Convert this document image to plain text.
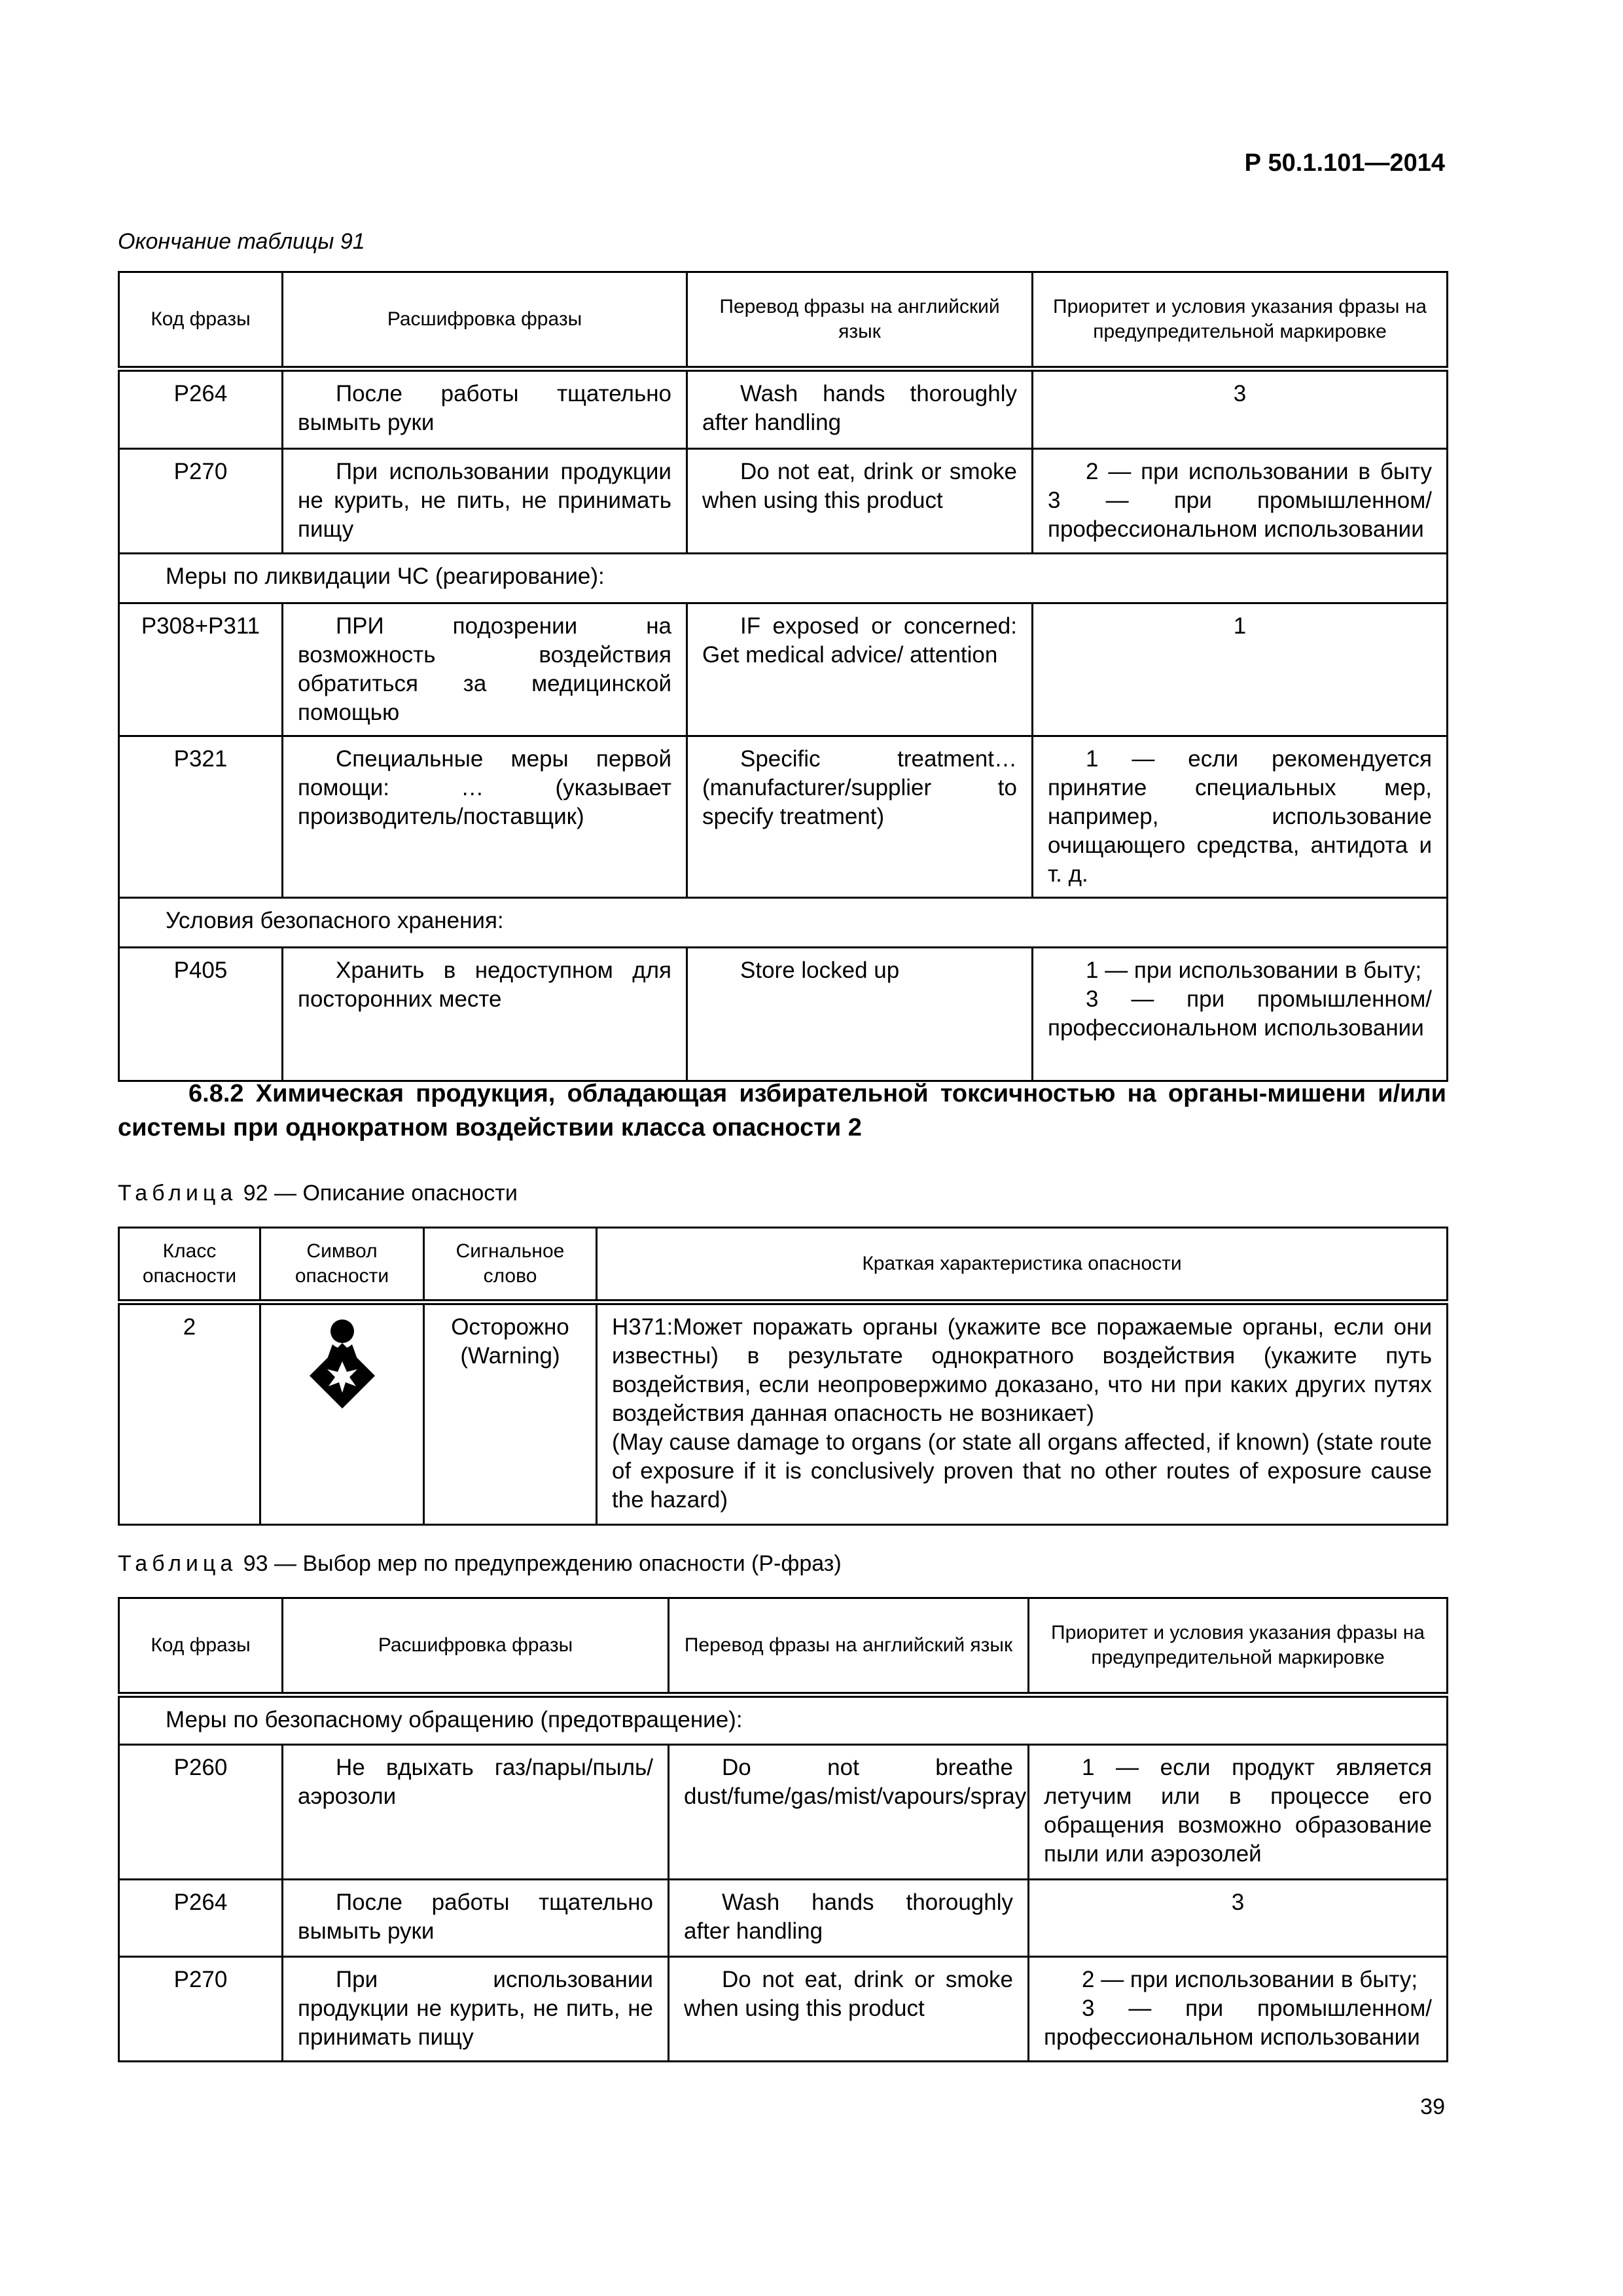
Р 50.1.101—2014
Окончание таблицы 91
Код фразы	Расшифровка фразы	Перевод фразы на английский язык	Приоритет и условия указания фразы на предупредительной маркировке
Р264	После работы тщательно вымыть руки	Wash hands thoroughly after handling	3
Р270	При использовании продукции не курить, не пить, не принимать пищу	Do not eat, drink or smoke when using this product	2 — при использовании в быту 3 — при промышленном/профессиональном использовании

Меры по ликвидации ЧС (реагирование):			
Р308+Р311	ПРИ подозрении на возможность воздействия обратиться за медицинской помощью	IF exposed or concerned: Get medical advice/ attention	1
Р321	Специальные меры первой помощи: … (указывает производитель/поставщик)	Specific treatment… (manufacturer/supplier to specify treatment)	1 — если рекомендуется принятие специальных мер, например, использование очищающего средства, антидота и т. д.

Условия безопасного хранения:			
Р405	Хранить в недоступном для посторонних месте	Store locked up	1 — при использовании в быту;
3 — при промышленном/профессиональном использовании
6.8.2 Химическая продукция, обладающая избирательной токсичностью на органы-мишени и/или системы при однократном воздействии класса опасности 2
Таблица 92 — Описание опасности
Класс опасности	Символ опасности	Сигнальное слово	Краткая характеристика опасности
2		Осторожно (Warning)	H371:Может поражать органы (укажите все поражаемые органы, если они известны) в результате однократного воздействия (укажите путь воздействия, если неопровержимо доказано, что ни при каких других путях воздействия данная опасность не возникает)
(May cause damage to organs (or state all organs affected, if known) (state route of exposure if it is conclusively proven that no other routes of exposure cause the hazard)
Таблица 93 — Выбор мер по предупреждению опасности (Р-фраз)
Код фразы	Расшифровка фразы	Перевод фразы на английский язык	Приоритет и условия указания фразы на предупредительной маркировке
Меры по безопасному обращению (предотвращение):			
Р260	Не вдыхать газ/пары/пыль/аэрозоли	Do not breathe dust/fume/gas/mist/vapours/spray	1 — если продукт является летучим или в процессе его обращения возможно образование пыли или аэрозолей

Р264	После работы тщательно вымыть руки	Wash hands thoroughly after handling	3
Р270	При использовании продукции не курить, не пить, не принимать пищу	Do not eat, drink or smoke when using this product	2 — при использовании в быту;
3 — при промышленном/профессиональном использовании
39
